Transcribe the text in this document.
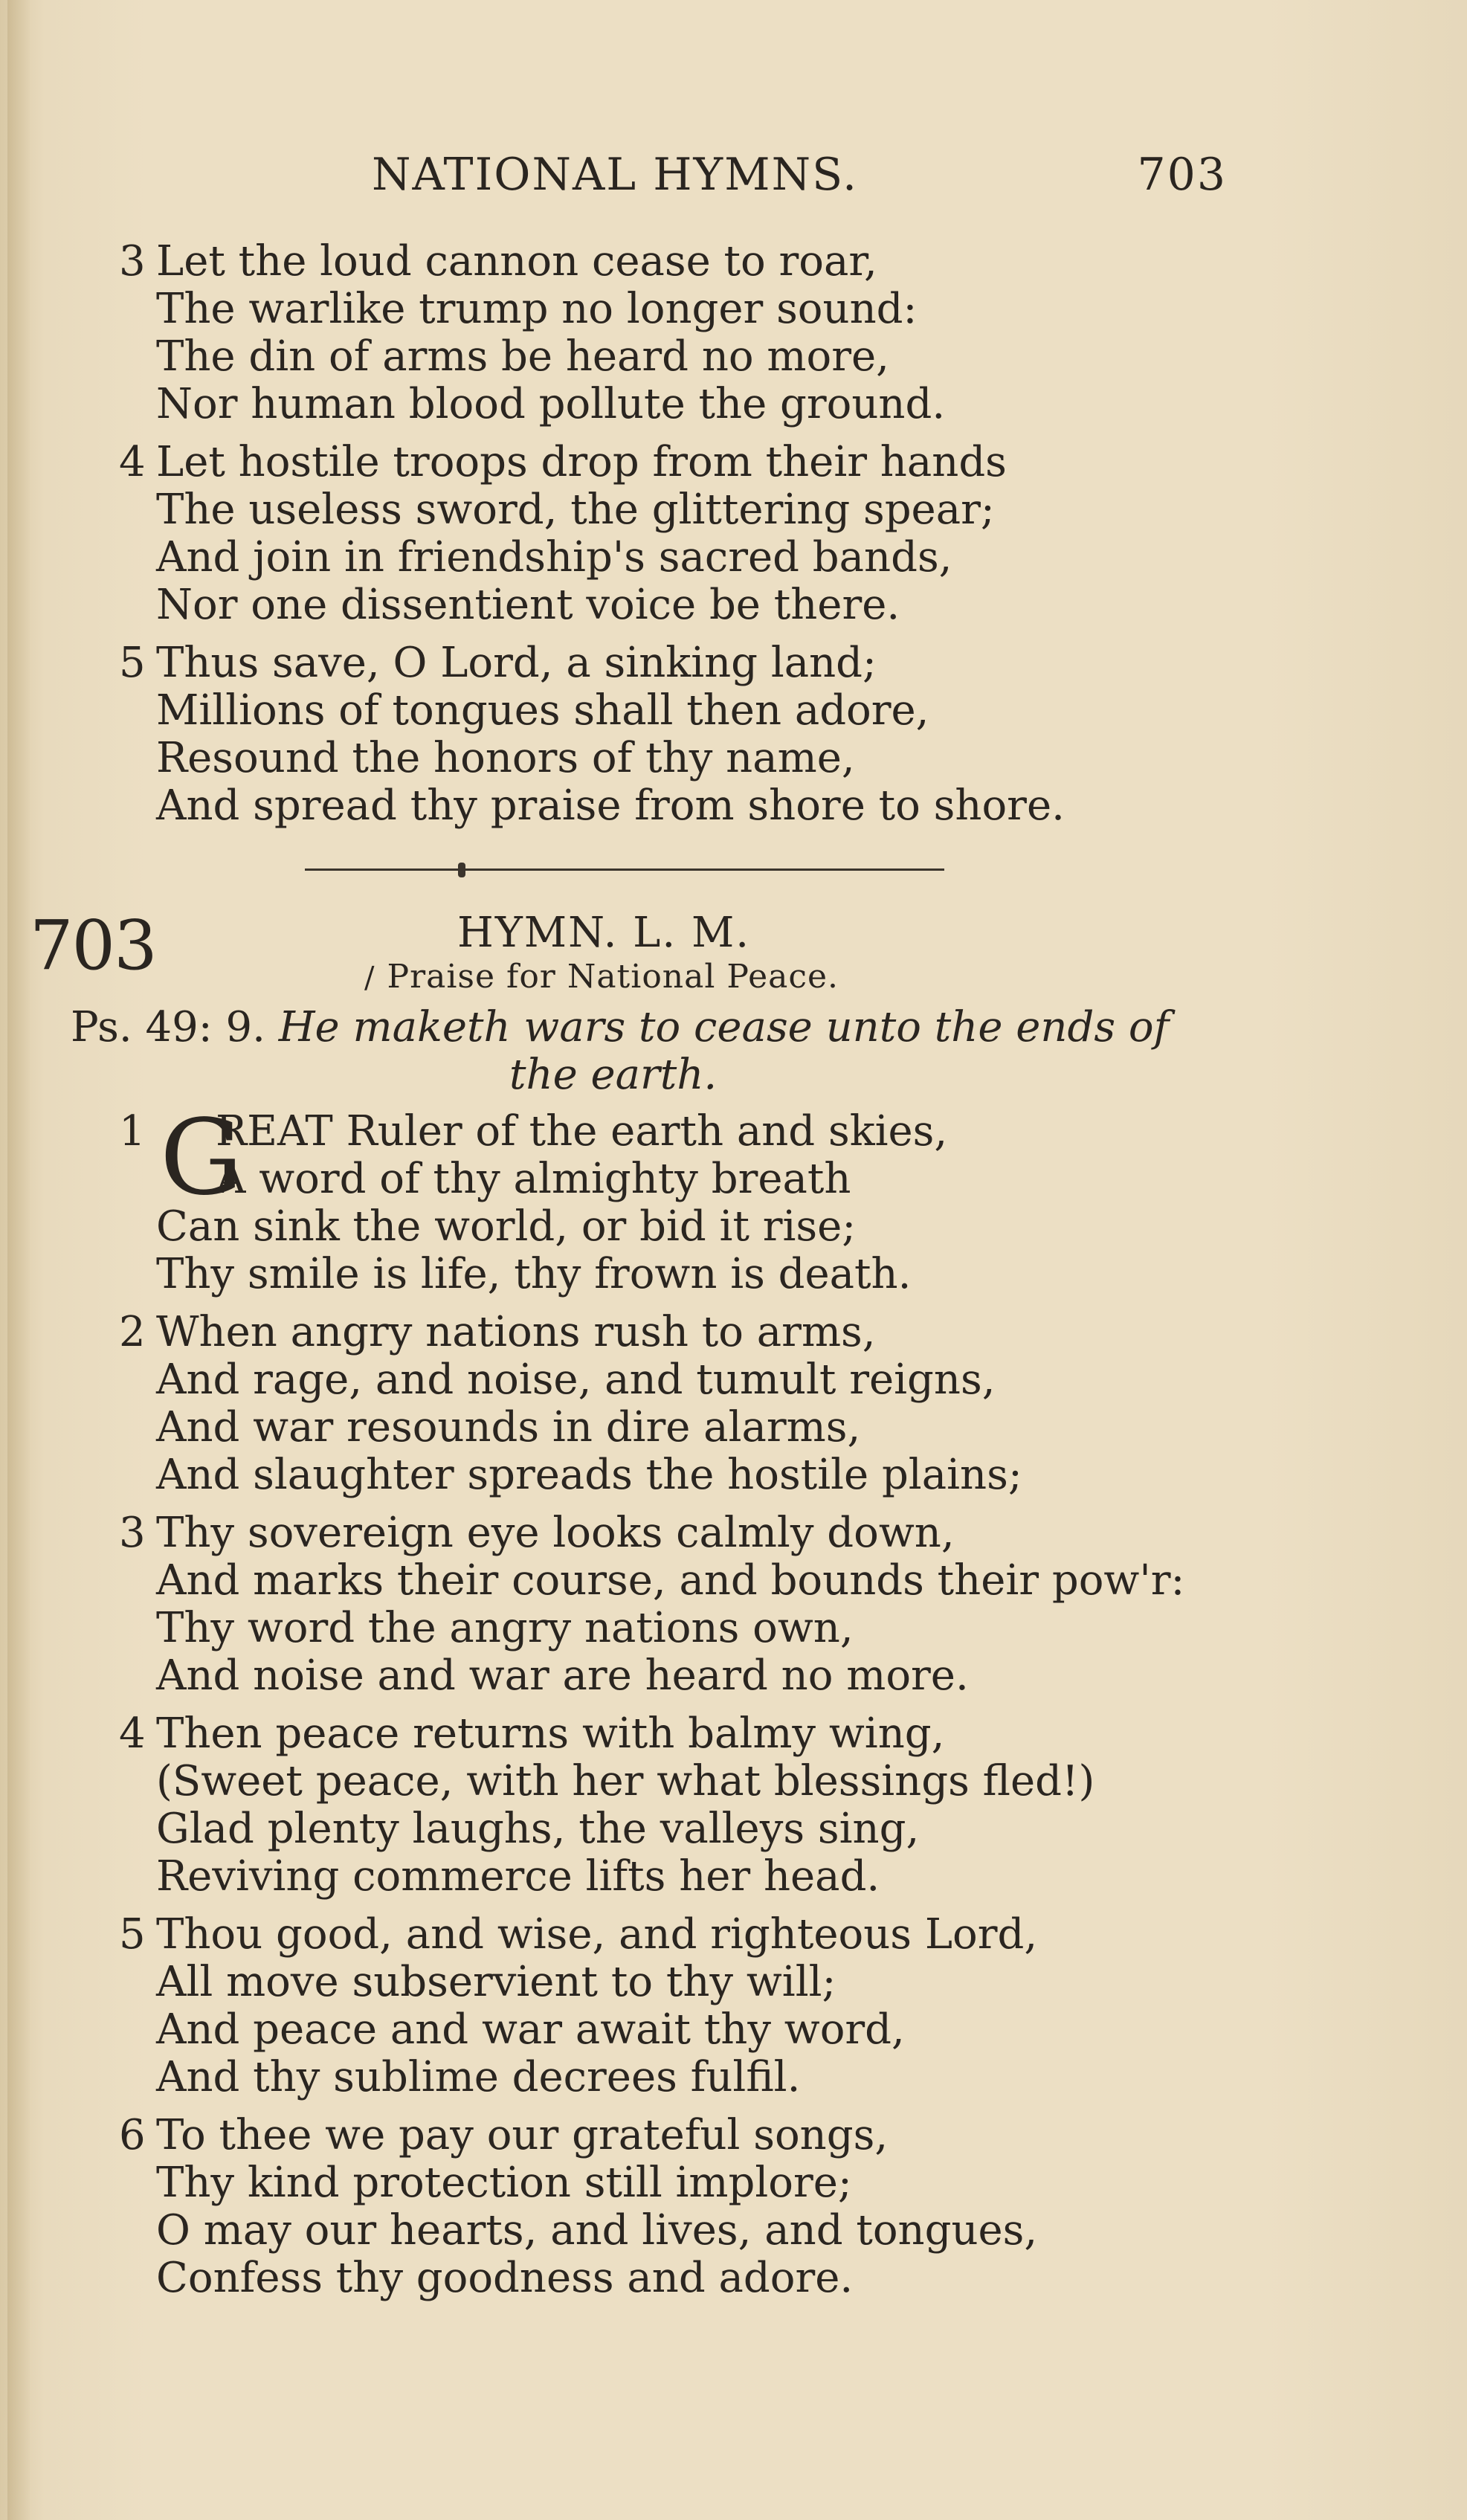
NATIONAL HYMNS.	703
3 Let the loud cannon cease to roar,
The warlike trump no longer sound:
The din of arms be heard no more,
Nor human blood pollute the ground.
4 Let hostile troops drop from their hands
The useless sword, the glittering spear;
And join in friendship's sacred bands,
Nor one dissentient voice be there.
5 Thus save, O Lord, a sinking land;
Millions of tongues shall then adore,
Resound the honors of thy name,
And spread thy praise from shore to shore.
703	HYMN. L. M.
∕ Praise for National Peace.
Ps. 49: 9. He maketh wars to cease unto the ends of
the earth.
G
1 REAT Ruler of the earth and skies,
A word of thy almighty breath
Can sink the world, or bid it rise;
Thy smile is life, thy frown is death.
2 When angry nations rush to arms,
And rage, and noise, and tumult reigns,
And war resounds in dire alarms,
And slaughter spreads the hostile plains;
3 Thy sovereign eye looks calmly down,
And marks their course, and bounds their pow'r:
Thy word the angry nations own,
And noise and war are heard no more.
4 Then peace returns with balmy wing,
(Sweet peace, with her what blessings fled!)
Glad plenty laughs, the valleys sing,
Reviving commerce lifts her head.
5 Thou good, and wise, and righteous Lord,
All move subservient to thy will;
And peace and war await thy word,
And thy sublime decrees fulfil.
6 To thee we pay our grateful songs,
Thy kind protection still implore;
O may our hearts, and lives, and tongues,
Confess thy goodness and adore.
